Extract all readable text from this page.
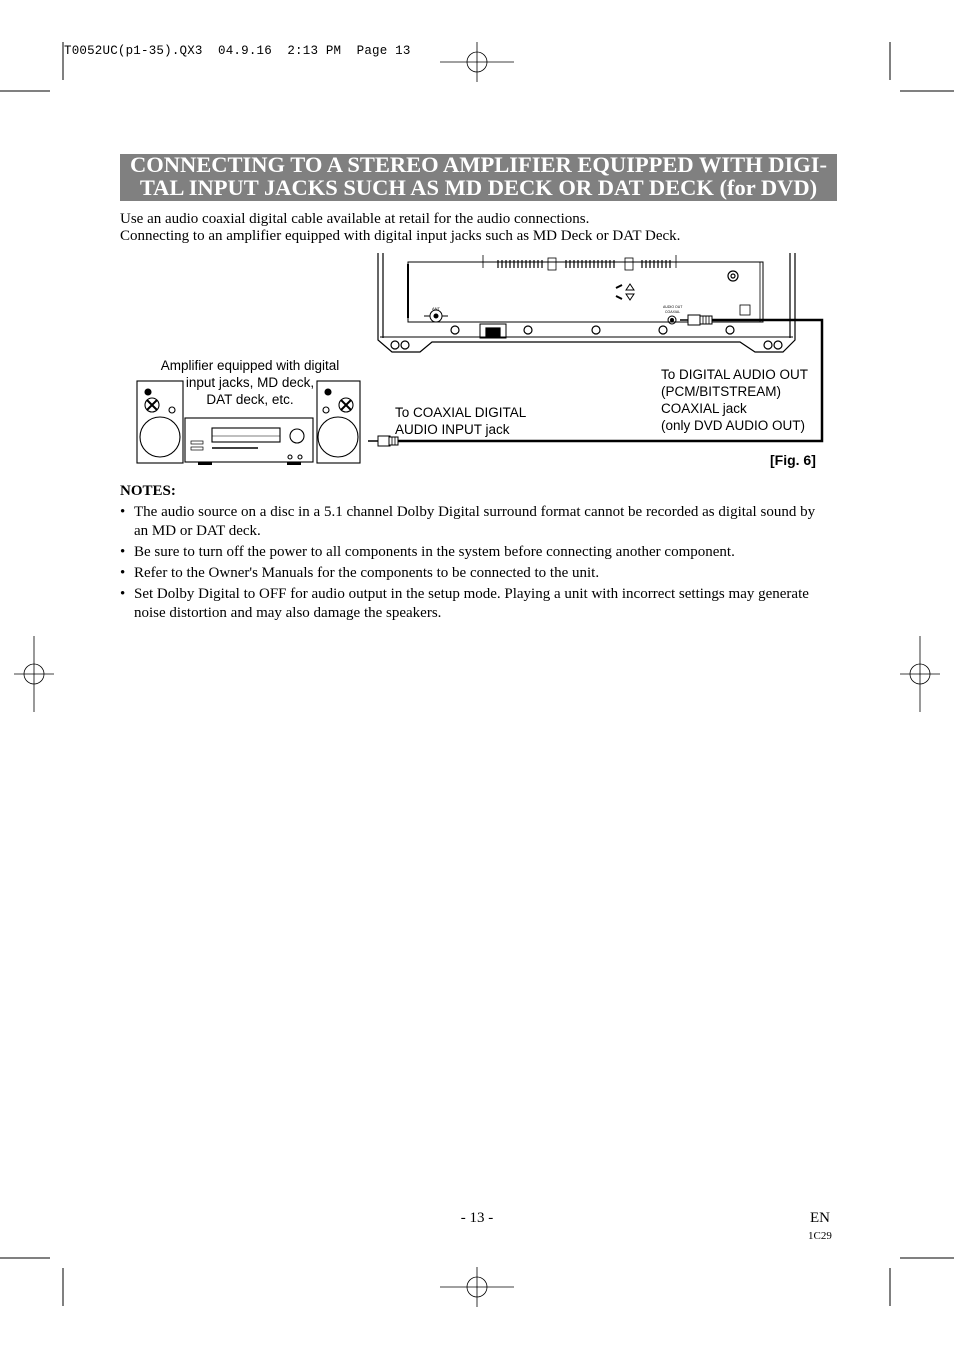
T0052UC(p1-35).QX3  04.9.16  2:13 PM  Page 13
CONNECTING TO A STEREO AMPLIFIER EQUIPPED WITH DIGI-
TAL INPUT JACKS SUCH AS MD DECK OR DAT DECK (for DVD)
Use an audio coaxial digital cable available at retail for the audio connections.
Connecting to an amplifier equipped with digital input jacks such as MD Deck or DAT Deck.
ANT	AUDIO OUT
COAXIAL
Amplifier equipped with digital
input jacks, MD deck,
DAT deck, etc.
To COAXIAL DIGITAL
AUDIO INPUT jack
To DIGITAL AUDIO OUT
(PCM/BITSTREAM)
COAXIAL jack
(only DVD AUDIO OUT)
[Fig. 6]
NOTES:
• The audio source on a disc in a 5.1 channel Dolby Digital surround format cannot be recorded as digital sound by an MD or DAT deck.
• Be sure to turn off the power to all components in the system before connecting another component.
• Refer to the Owner's Manuals for the components to be connected to the unit.
• Set Dolby Digital to OFF for audio output in the setup mode. Playing a unit with incorrect settings may generate noise distortion and may also damage the speakers.
- 13 -	EN
1C29
